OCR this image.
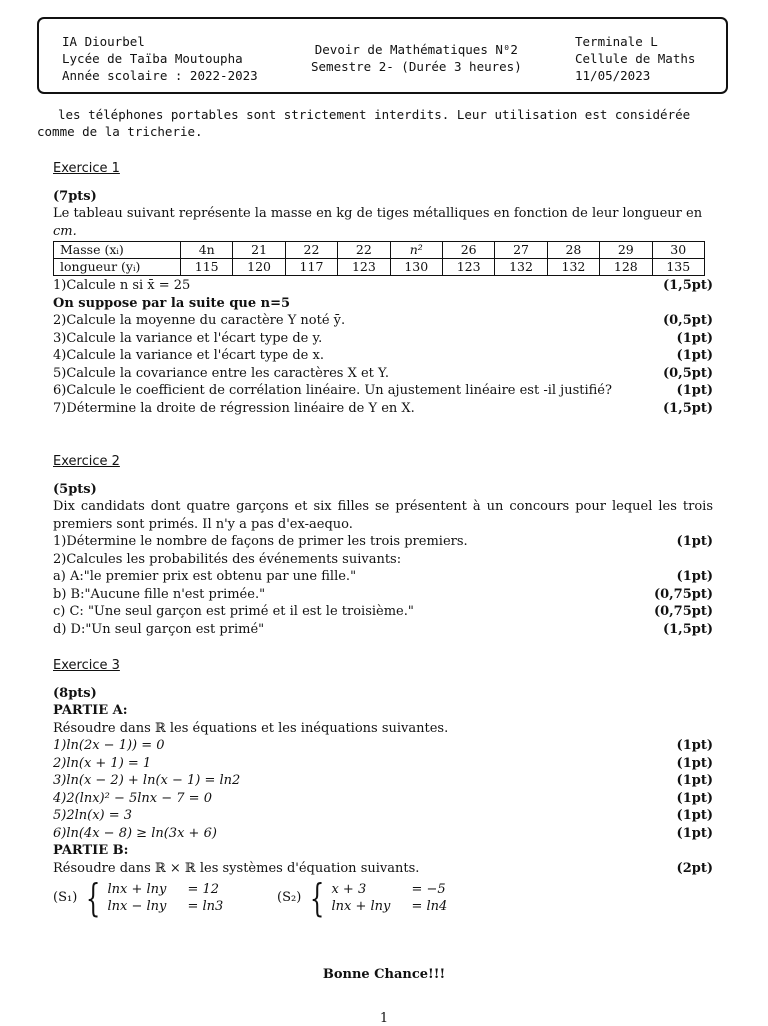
IA Diourbel
Lycée de Taïba Moutoupha
Année scolaire : 2022-2023
Devoir de Mathématiques N⁰2
Semestre 2- (Durée 3 heures)
Terminale L
Cellule de Maths
11/05/2023
les téléphones portables sont strictement interdits. Leur utilisation est considérée
comme de la tricherie.
Exercice 1
(7pts)
Le tableau suivant représente la masse en kg de tiges métalliques en fonction de leur longueur en
cm.
Masse (xᵢ)	4n	21	22	22	n²	26	27	28	29	30
longueur (yᵢ)	115	120	117	123	130	123	132	132	128	135
1)Calcule n si x̄ = 25	(1,5pt)
On suppose par la suite que n=5
2)Calcule la moyenne du caractère Y noté ȳ.	(0,5pt)
3)Calcule la variance et l'écart type de y.	(1pt)
4)Calcule la variance et l'écart type de x.	(1pt)
5)Calcule la covariance entre les caractères X et Y.	(0,5pt)
6)Calcule le coefficient de corrélation linéaire. Un ajustement linéaire est -il justifié?	(1pt)
7)Détermine la droite de régression linéaire de Y en X.	(1,5pt)
Exercice 2
(5pts)
Dix candidats dont quatre garçons et six filles se présentent à un concours pour lequel les trois premiers sont primés. Il n'y a pas d'ex-aequo.
1)Détermine le nombre de façons de primer les trois premiers.	(1pt)
2)Calcules les probabilités des événements suivants:
a) A:"le premier prix est obtenu par une fille."	(1pt)
b) B:"Aucune fille n'est primée."	(0,75pt)
c) C: "Une seul garçon est primé et il est le troisième."	(0,75pt)
d) D:"Un seul garçon est primé"	(1,5pt)
Exercice 3
(8pts)
PARTIE A:
Résoudre dans ℝ les équations et les inéquations suivantes.
1)ln(2x − 1)) = 0	(1pt)
2)ln(x + 1) = 1	(1pt)
3)ln(x − 2) + ln(x − 1) = ln2	(1pt)
4)2(lnx)² − 5lnx − 7 = 0	(1pt)
5)2ln(x) = 3	(1pt)
6)ln(4x − 8) ≥ ln(3x + 6)	(1pt)
PARTIE B:
Résoudre dans ℝ × ℝ les systèmes d'équation suivants.	(2pt)
(S₁) { lnx + lny	= 12
lnx − lny	= ln3
(S₂) { x + 3	= −5
lnx + lny	= ln4
Bonne Chance!!!
1
